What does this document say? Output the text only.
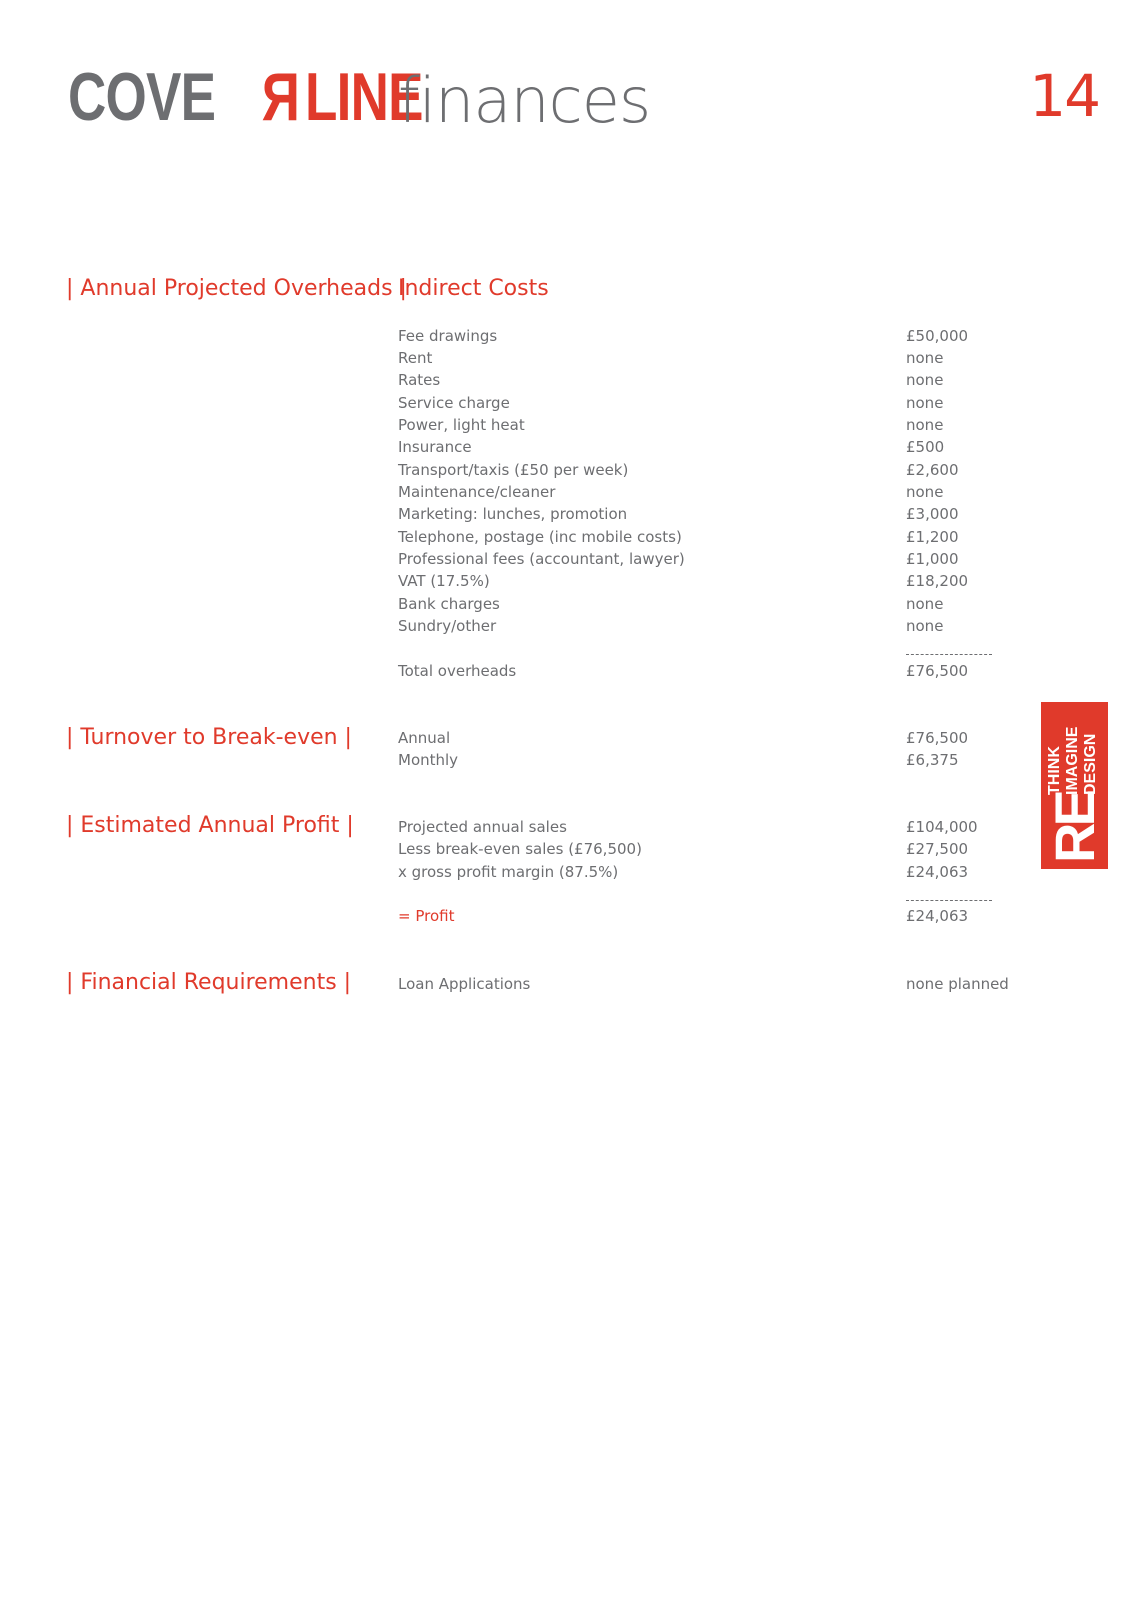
COVE RLINE
finances	14
| Annual Projected Overheads |
Indirect Costs
Fee drawings	£50,000
Rent	none
Rates	none
Service charge	none
Power, light heat	none
Insurance	£500
Transport/taxis (£50 per week)	£2,600
Maintenance/cleaner	none
Marketing: lunches, promotion	£3,000
Telephone, postage (inc mobile costs)	£1,200
Professional fees (accountant, lawyer)	£1,000
VAT (17.5%)	£18,200
Bank charges	none
Sundry/other	none
Total overheads	£76,500
| Turnover to Break-even |	Annual	£76,500
Monthly	£6,375
| Estimated Annual Profit |	Projected annual sales	£104,000
Less break-even sales (£76,500)	£27,500
x gross profit margin (87.5%)	£24,063
= Profit	£24,063
| Financial Requirements |	Loan Applications	none planned
RE
THINK IMAGINE DESIGN
